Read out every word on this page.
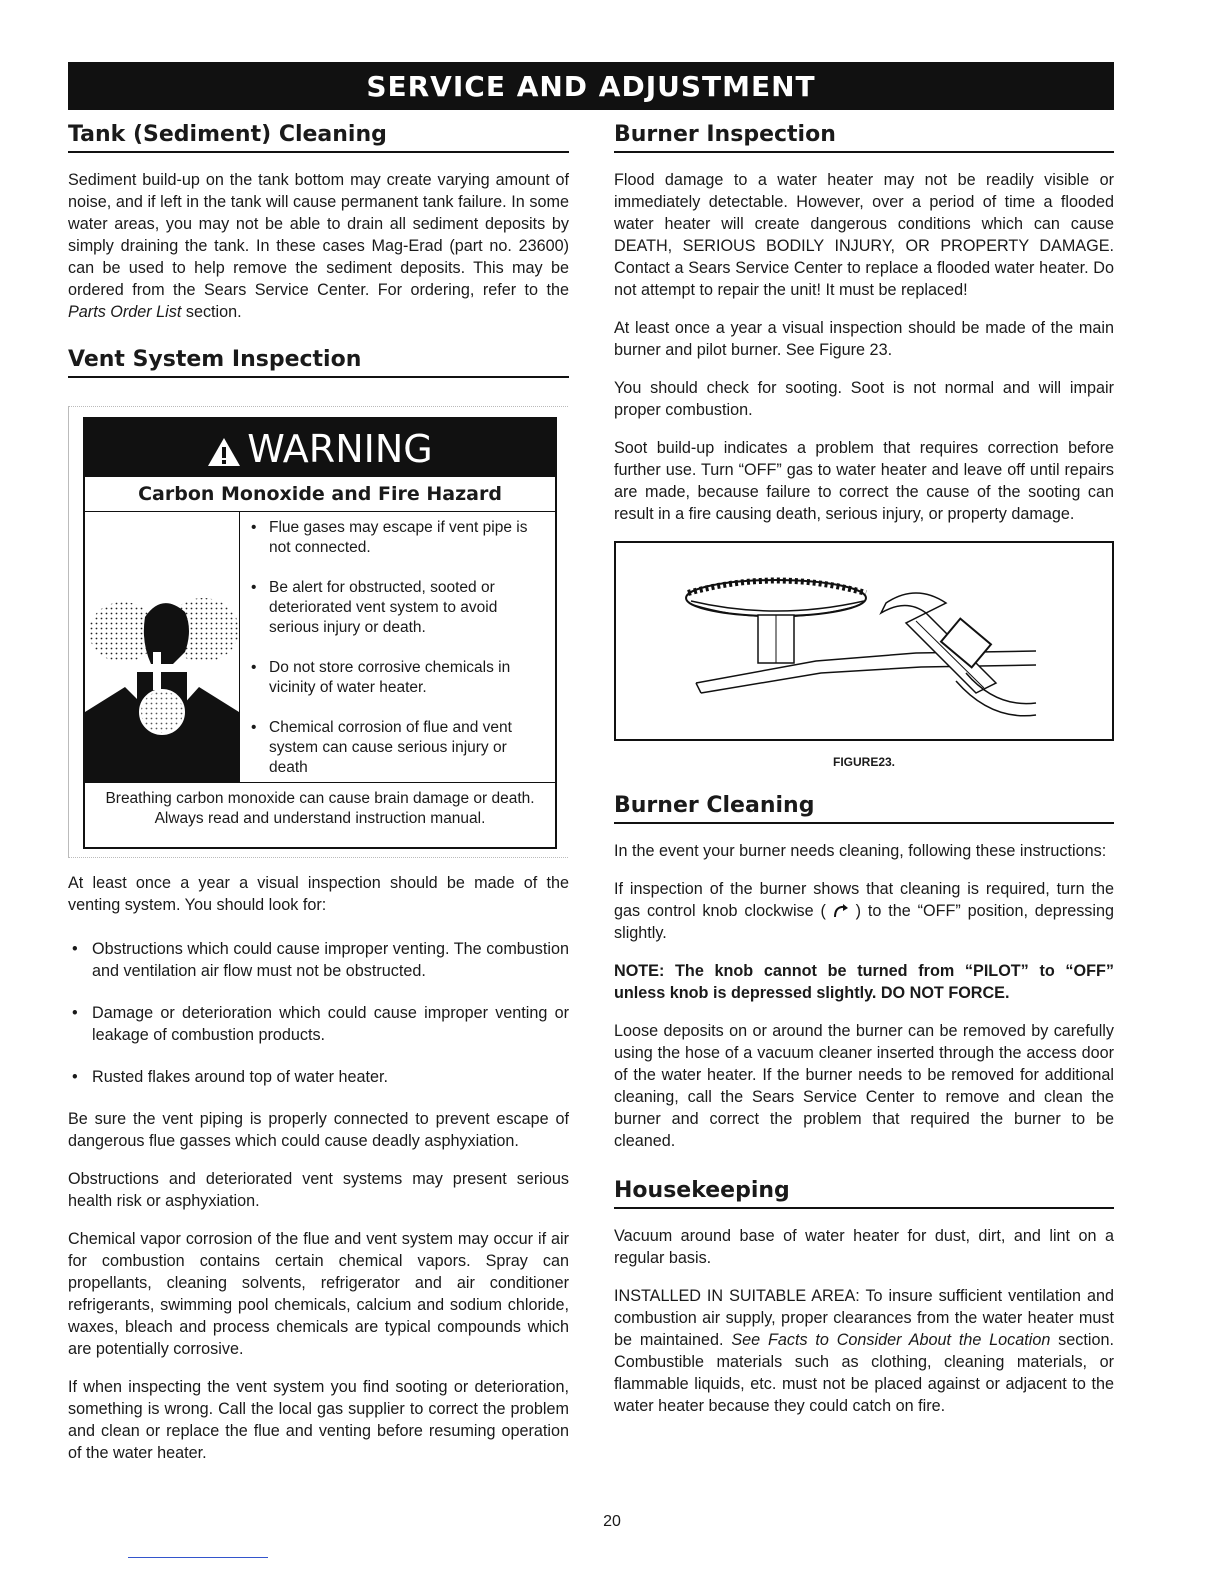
SERVICE AND ADJUSTMENT
Tank (Sediment) Cleaning

Sediment build-up on the tank bottom may create varying amount of noise, and if left in the tank will cause permanent tank failure. In some water areas, you may not be able to drain all sediment deposits by simply draining the tank. In these cases Mag-Erad (part no. 23600) can be used to help remove the sediment deposits. This may be ordered from the Sears Service Center. For ordering, refer to the Parts Order List section.

Vent System Inspection
WARNING
Carbon Monoxide and Fire Hazard
• Flue gases may escape if vent pipe is not connected.
• Be alert for obstructed, sooted or deteriorated vent system to avoid serious injury or death.
• Do not store corrosive chemicals in vicinity of water heater.
• Chemical corrosion of flue and vent system can cause serious injury or death
Breathing carbon monoxide can cause brain damage or death. Always read and understand instruction manual.

At least once a year a visual inspection should be made of the venting system. You should look for:

• Obstructions which could cause improper venting. The combustion and ventilation air flow must not be obstructed.
• Damage or deterioration which could cause improper venting or leakage of combustion products.
• Rusted flakes around top of water heater.

Be sure the vent piping is properly connected to prevent escape of dangerous flue gasses which could cause deadly asphyxiation.

Obstructions and deteriorated vent systems may present serious health risk or asphyxiation.

Chemical vapor corrosion of the flue and vent system may occur if air for combustion contains certain chemical vapors. Spray can propellants, cleaning solvents, refrigerator and air conditioner refrigerants, swimming pool chemicals, calcium and sodium chloride, waxes, bleach and process chemicals are typical compounds which are potentially corrosive.

If when inspecting the vent system you find sooting or deterioration, something is wrong. Call the local gas supplier to correct the problem and clean or replace the flue and venting before resuming operation of the water heater.

Burner Inspection

Flood damage to a water heater may not be readily visible or immediately detectable. However, over a period of time a flooded water heater will create dangerous conditions which can cause DEATH, SERIOUS BODILY INJURY, OR PROPERTY DAMAGE. Contact a Sears Service Center to replace a flooded water heater. Do not attempt to repair the unit! It must be replaced!

At least once a year a visual inspection should be made of the main burner and pilot burner. See Figure 23.

You should check for sooting. Soot is not normal and will impair proper combustion.

Soot build-up indicates a problem that requires correction before further use. Turn “OFF” gas to water heater and leave off until repairs are made, because failure to correct the cause of the sooting can result in a fire causing death, serious injury, or property damage.

FIGURE23.
Burner Cleaning

In the event your burner needs cleaning, following these instructions:

If inspection of the burner shows that cleaning is required, turn the gas control knob clockwise (  ) to the “OFF” position, depressing slightly.

NOTE: The knob cannot be turned from “PILOT” to “OFF” unless knob is depressed slightly. DO NOT FORCE.

Loose deposits on or around the burner can be removed by carefully using the hose of a vacuum cleaner inserted through the access door of the water heater. If the burner needs to be removed for additional cleaning, call the Sears Service Center to remove and clean the burner and correct the problem that required the burner to be cleaned.

Housekeeping

Vacuum around base of water heater for dust, dirt, and lint on a regular basis.

INSTALLED IN SUITABLE AREA: To insure sufficient ventilation and combustion air supply, proper clearances from the water heater must be maintained. See Facts to Consider About the Location section. Combustible materials such as clothing, cleaning materials, or flammable liquids, etc. must not be placed against or adjacent to the water heater because they could catch on fire.

20
